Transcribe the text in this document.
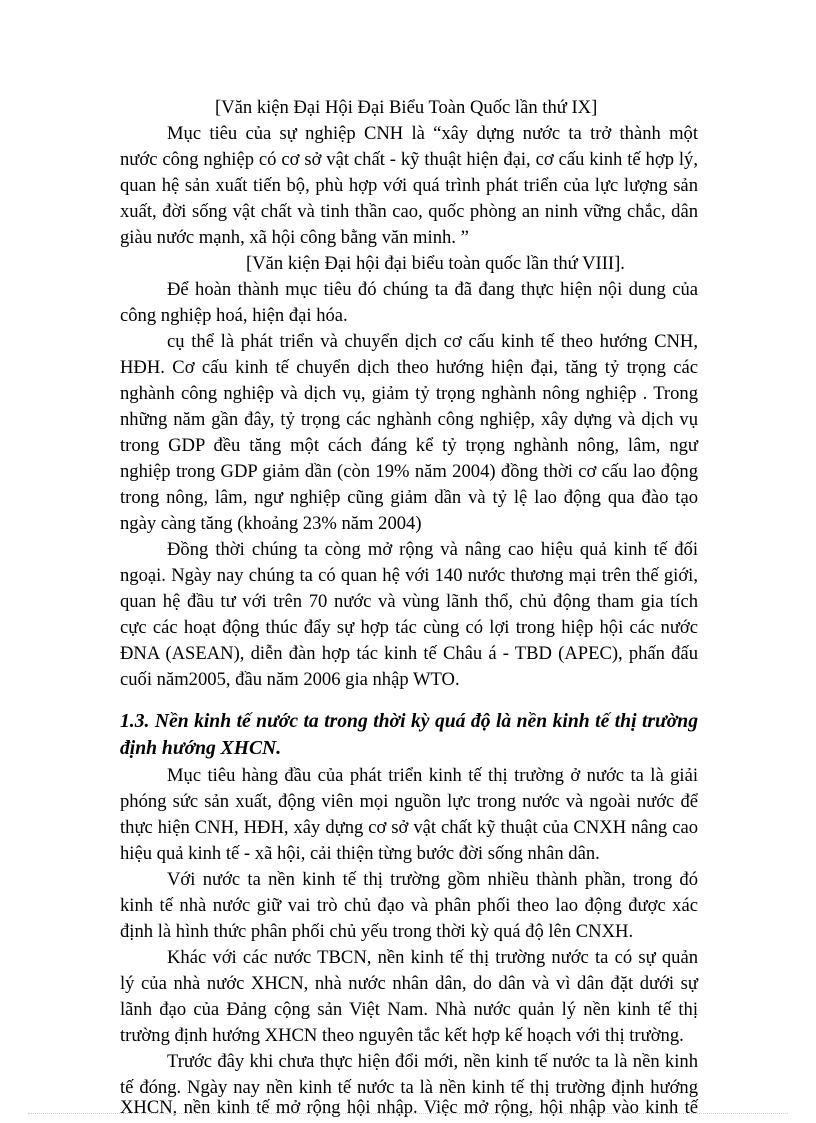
[Văn kiện Đại Hội Đại Biểu Toàn Quốc lần thứ IX]
Mục tiêu của sự nghiệp CNH là “xây dựng nước ta trở thành một
nước công nghiệp có cơ sở vật chất - kỹ thuật hiện đại, cơ cấu kinh tế hợp lý,
quan hệ sản xuất tiến bộ, phù hợp với quá trình phát triển của lực lượng sản
xuất, đời sống vật chất và tinh thần cao, quốc phòng an ninh vững chắc, dân
giàu nước mạnh, xã hội công bằng văn minh. ”
[Văn kiện Đại hội đại biểu toàn quốc lần thứ VIII].
Để hoàn thành mục tiêu đó chúng ta đã đang thực hiện nội dung của
công nghiệp hoá, hiện đại hóa.
cụ thể là phát triển và chuyển dịch cơ cấu kinh tế theo hướng CNH,
HĐH. Cơ cấu kinh tế chuyển dịch theo hướng hiện đại, tăng tỷ trọng các
nghành công nghiệp và dịch vụ, giảm tỷ trọng nghành nông nghiệp . Trong
những năm gần đây, tỷ trọng các nghành công nghiệp, xây dựng và dịch vụ
trong GDP đều tăng một cách đáng kể tỷ trọng nghành nông, lâm, ngư
nghiệp trong GDP giảm dần (còn 19% năm 2004) đồng thời cơ cấu lao động
trong nông, lâm, ngư nghiệp cũng giảm dần và tỷ lệ lao động qua đào tạo
ngày càng tăng (khoảng 23% năm 2004)
Đồng thời chúng ta còng mở rộng và nâng cao hiệu quả kinh tế đối
ngoại. Ngày nay chúng ta có quan hệ với 140 nước thương mại trên thế giới,
quan hệ đầu tư với trên 70 nước và vùng lãnh thổ, chủ động tham gia tích
cực các hoạt động thúc đẩy sự hợp tác cùng có lợi trong hiệp hội các nước
ĐNA (ASEAN), diễn đàn hợp tác kinh tế Châu á - TBD (APEC), phấn đấu
cuối năm2005, đầu năm 2006 gia nhập WTO.
1.3. Nền kinh tế nước ta trong thời kỳ quá độ là nền kinh tế thị trường
định hướng XHCN.
Mục tiêu hàng đầu của phát triển kinh tế thị trường ở nước ta là giải
phóng sức sản xuất, động viên mọi nguồn lực trong nước và ngoài nước để
thực hiện CNH, HĐH, xây dựng cơ sở vật chất kỹ thuật của CNXH nâng cao
hiệu quả kinh tế - xã hội, cải thiện từng bước đời sống nhân dân.
Với nước ta nền kinh tế thị trường gồm nhiều thành phần, trong đó
kinh tế nhà nước giữ vai trò chủ đạo và phân phối theo lao động được xác
định là hình thức phân phối chủ yếu trong thời kỳ quá độ lên CNXH.
Khác với các nước TBCN, nền kinh tế thị trường nước ta có sự quản
lý của nhà nước XHCN, nhà nước nhân dân, do dân và vì dân đặt dưới sự
lãnh đạo của Đảng cộng sản Việt Nam. Nhà nước quản lý nền kinh tế thị
trường định hướng XHCN theo nguyên tắc kết hợp kế hoạch với thị trường.
Trước đây khi chưa thực hiện đổi mới, nền kinh tế nước ta là nền kinh
tế đóng. Ngày nay nền kinh tế nước ta là nền kinh tế thị trường định hướng
XHCN, nền kinh tế mở rộng hội nhập. Việc mở rộng, hội nhập vào kinh tế
